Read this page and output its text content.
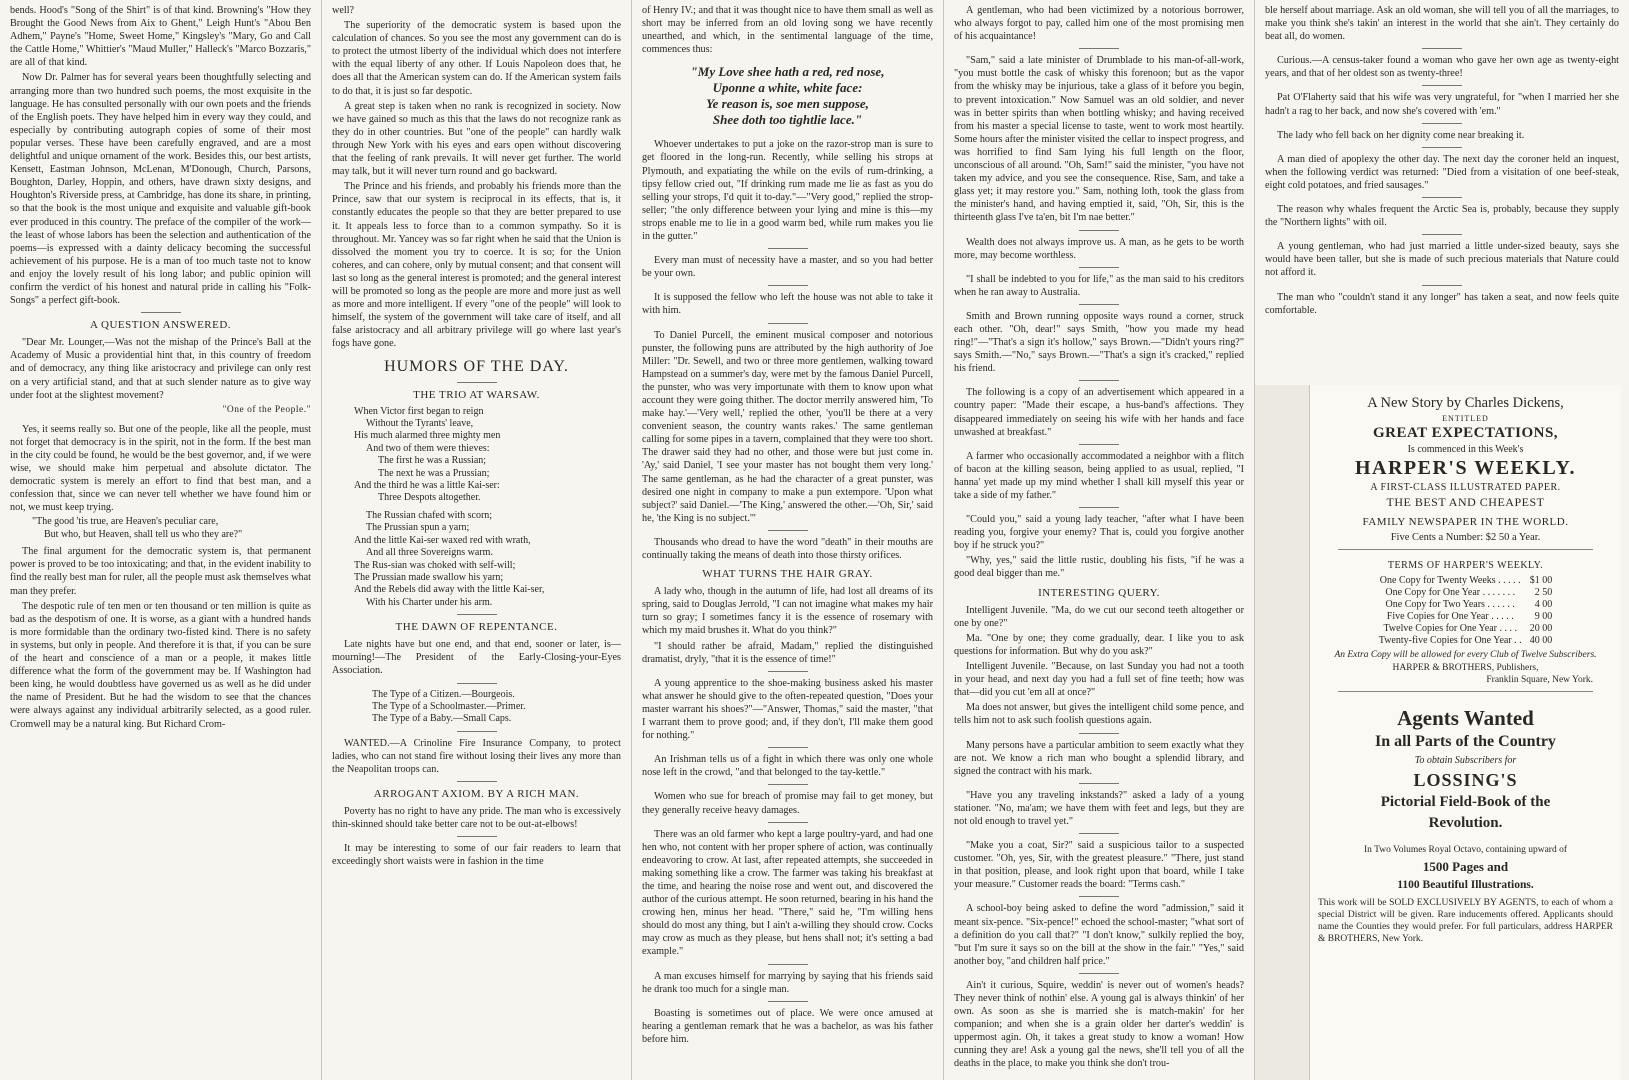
bends. Hood's "Song of the Shirt" is of that kind. Browning's "How they Brought the Good News from Aix to Ghent," Leigh Hunt's "Abou Ben Adhem," Payne's "Home, Sweet Home," Kingsley's "Mary, Go and Call the Cattle Home," Whittier's "Maud Muller," Halleck's "Marco Bozzaris," are all of that kind.

Now Dr. Palmer has for several years been thoughtfully selecting and arranging more than two hundred such poems, the most exquisite in the language. He has consulted personally with our own poets and the friends of the English poets. They have helped him in every way they could, and especially by contributing autograph copies of some of their most popular verses. These have been carefully engraved, and are a most delightful and unique ornament of the work. Besides this, our best artists, Kensett, Eastman Johnson, McLenan, M'Donough, Church, Parsons, Boughton, Darley, Hoppin, and others, have drawn sixty designs, and Houghton's Riverside press, at Cambridge, has done its share, in printing, so that the book is the most unique and exquisite and valuable gift-book ever produced in this country. The preface of the compiler of the work—the least of whose labors has been the selection and authentication of the poems—is expressed with a dainty delicacy becoming the successful achievement of his purpose. He is a man of too much taste not to know and enjoy the lovely result of his long labor; and public opinion will confirm the verdict of his honest and natural pride in calling his "Folk-Songs" a perfect gift-book.

A QUESTION ANSWERED.

"Dear Mr. Lounger,—Was not the mishap of the Prince's Ball at the Academy of Music a providential hint that, in this country of freedom and of democracy, any thing like aristocracy and privilege can only rest on a very artificial stand, and that at such slender nature as to give way under foot at the slightest movement?

"One of the People."

Yes, it seems really so. But one of the people, like all the people, must not forget that democracy is in the spirit, not in the form. If the best man in the city could be found, he would be the best governor, and, if we were wise, we should make him perpetual and absolute dictator. The democratic system is merely an effort to find that best man, and a confession that, since we can never tell whether we have found him or not, we must keep trying.

"The good 'tis true, are Heaven's peculiar care,
But who, but Heaven, shall tell us who they are?"

The final argument for the democratic system is, that permanent power is proved to be too intoxicating; and that, in the evident inability to find the really best man for ruler, all the people must ask themselves what man they prefer.

The despotic rule of ten men or ten thousand or ten million is quite as bad as the despotism of one. It is worse, as a giant with a hundred hands is more formidable than the ordinary two-fisted kind. There is no safety in systems, but only in people. And therefore it is that, if you can be sure of the heart and conscience of a man or a people, it makes little difference what the form of the government may be. If Washington had been king, he would doubtless have governed us as well as he did under the name of President. But he had the wisdom to see that the chances were always against any individual arbitrarily selected, as a good ruler. Cromwell may be a natural king. But Richard Crom-

well?

The superiority of the democratic system is based upon the calculation of chances. So you see the most any government can do is to protect the utmost liberty of the individual which does not interfere with the equal liberty of any other. If Louis Napoleon does that, he does all that the American system can do. If the American system fails to do that, it is just so far despotic.

A great step is taken when no rank is recognized in society. Now we have gained so much as this that the laws do not recognize rank as they do in other countries. But "one of the people" can hardly walk through New York with his eyes and ears open without discovering that the feeling of rank prevails. It will never get further. The world may talk, but it will never turn round and go backward.

The Prince and his friends, and probably his friends more than the Prince, saw that our system is reciprocal in its effects, that is, it constantly educates the people so that they are better prepared to use it. It appeals less to force than to a common sympathy. So it is throughout. Mr. Yancey was so far right when he said that the Union is dissolved the moment you try to coerce. It is so; for the Union coheres, and can cohere, only by mutual consent; and that consent will last so long as the general interest is promoted; and the general interest will be promoted so long as the people are more and more just as well as more and more intelligent. If every "one of the people" will look to himself, the system of the government will take care of itself, and all false aristocracy and all arbitrary privilege will go where last year's fogs have gone.

HUMORS OF THE DAY.
THE TRIO AT WARSAW.
When Victor first began to reign
Without the Tyrants' leave,
His much alarmed three mighty men
And two of them were thieves:
The first he was a Russian;
The next he was a Prussian;
And the third he was a little Kai-ser:
Three Despots altogether.
The Russian chafed with scorn;
The Prussian spun a yarn;
And the little Kai-ser waxed red with wrath,
And all three Sovereigns warm.
The Rus-sian was choked with self-will;
The Prussian made swallow his yarn;
And the Rebels did away with the little Kai-ser,
With his Charter under his arm.
THE DAWN OF REPENTANCE.

Late nights have but one end, and that end, sooner or later, is—mourning!—The President of the Early-Closing-your-Eyes Association.

The Type of a Citizen.—Bourgeois.
The Type of a Schoolmaster.—Primer.
The Type of a Baby.—Small Caps.

WANTED.—A Crinoline Fire Insurance Company, to protect ladies, who can not stand fire without losing their lives any more than the Neapolitan troops can.

ARROGANT AXIOM. BY A RICH MAN.

Poverty has no right to have any pride. The man who is excessively thin-skinned should take better care not to be out-at-elbows!

It may be interesting to some of our fair readers to learn that exceedingly short waists were in fashion in the time

of Henry IV.; and that it was thought nice to have them small as well as short may be inferred from an old loving song we have recently unearthed, and which, in the sentimental language of the time, commences thus:

"My Love shee hath a red, red nose,
Uponne a white, white face:
Ye reason is, soe men suppose,
Shee doth too tightlie lace."

Whoever undertakes to put a joke on the razor-strop man is sure to get floored in the long-run. Recently, while selling his strops at Plymouth, and expatiating the while on the evils of rum-drinking, a tipsy fellow cried out, "If drinking rum made me lie as fast as you do selling your strops, I'd quit it to-day."—"Very good," replied the strop-seller; "the only difference between your lying and mine is this—my strops enable me to lie in a good warm bed, while rum makes you lie in the gutter."

Every man must of necessity have a master, and so you had better be your own.

It is supposed the fellow who left the house was not able to take it with him.

To Daniel Purcell, the eminent musical composer and notorious punster, the following puns are attributed by the high authority of Joe Miller: "Dr. Sewell, and two or three more gentlemen, walking toward Hampstead on a summer's day, were met by the famous Daniel Purcell, the punster, who was very importunate with them to know upon what account they were going thither. The doctor merrily answered him, 'To make hay.'—'Very well,' replied the other, 'you'll be there at a very convenient season, the country wants rakes.' The same gentleman calling for some pipes in a tavern, complained that they were too short. The drawer said they had no other, and those were but just come in. 'Ay,' said Daniel, 'I see your master has not bought them very long.' The same gentleman, as he had the character of a great punster, was desired one night in company to make a pun extempore. 'Upon what subject?' said Daniel.—'The King,' answered the other.—'Oh, Sir,' said he, 'the King is no subject.'"

Thousands who dread to have the word "death" in their mouths are continually taking the means of death into those thirsty orifices.

WHAT TURNS THE HAIR GRAY.

A lady who, though in the autumn of life, had lost all dreams of its spring, said to Douglas Jerrold, "I can not imagine what makes my hair turn so gray; I sometimes fancy it is the essence of rosemary with which my maid brushes it. What do you think?"

"I should rather be afraid, Madam," replied the distinguished dramatist, dryly, "that it is the essence of time!"

A young apprentice to the shoe-making business asked his master what answer he should give to the often-repeated question, "Does your master warrant his shoes?"—"Answer, Thomas," said the master, "that I warrant them to prove good; and, if they don't, I'll make them good for nothing."

An Irishman tells us of a fight in which there was only one whole nose left in the crowd, "and that belonged to the tay-kettle."

Women who sue for breach of promise may fail to get money, but they generally receive heavy damages.

There was an old farmer who kept a large poultry-yard, and had one hen who, not content with her proper sphere of action, was continually endeavoring to crow. At last, after repeated attempts, she succeeded in making something like a crow. The farmer was taking his breakfast at the time, and hearing the noise rose and went out, and discovered the author of the curious attempt. He soon returned, bearing in his hand the crowing hen, minus her head. "There," said he, "I'm willing hens should do most any thing, but I ain't a-willing they should crow. Cocks may crow as much as they please, but hens shall not; it's setting a bad example."

A man excuses himself for marrying by saying that his friends said he drank too much for a single man.

Boasting is sometimes out of place. We were once amused at hearing a gentleman remark that he was a bachelor, as was his father before him.

A gentleman, who had been victimized by a notorious borrower, who always forgot to pay, called him one of the most promising men of his acquaintance!

"Sam," said a late minister of Drumblade to his man-of-all-work, "you must bottle the cask of whisky this forenoon; but as the vapor from the whisky may be injurious, take a glass of it before you begin, to prevent intoxication." Now Samuel was an old soldier, and never was in better spirits than when bottling whisky; and having received from his master a special license to taste, went to work most heartily. Some hours after the minister visited the cellar to inspect progress, and was horrified to find Sam lying his full length on the floor, unconscious of all around. "Oh, Sam!" said the minister, "you have not taken my advice, and you see the consequence. Rise, Sam, and take a glass yet; it may restore you." Sam, nothing loth, took the glass from the minister's hand, and having emptied it, said, "Oh, Sir, this is the thirteenth glass I've ta'en, bit I'm nae better."

Wealth does not always improve us. A man, as he gets to be worth more, may become worthless.

"I shall be indebted to you for life," as the man said to his creditors when he ran away to Australia.

Smith and Brown running opposite ways round a corner, struck each other. "Oh, dear!" says Smith, "how you made my head ring!"—"That's a sign it's hollow," says Brown.—"Didn't yours ring?" says Smith.—"No," says Brown.—"That's a sign it's cracked," replied his friend.

The following is a copy of an advertisement which appeared in a country paper: "Made their escape, a hus-band's affections. They disappeared immediately on seeing his wife with her hands and face unwashed at breakfast."

A farmer who occasionally accommodated a neighbor with a flitch of bacon at the killing season, being applied to as usual, replied, "I hanna' yet made up my mind whether I shall kill myself this year or take a side of my father."

"Could you," said a young lady teacher, "after what I have been reading you, forgive your enemy? That is, could you forgive another boy if he struck you?"

"Why, yes," said the little rustic, doubling his fists, "if he was a good deal bigger than me."

INTERESTING QUERY.

Intelligent Juvenile. "Ma, do we cut our second teeth altogether or one by one?"

Ma. "One by one; they come gradually, dear. I like you to ask questions for information. But why do you ask?"

Intelligent Juvenile. "Because, on last Sunday you had not a tooth in your head, and next day you had a full set of fine teeth; how was that—did you cut 'em all at once?"

Ma does not answer, but gives the intelligent child some pence, and tells him not to ask such foolish questions again.

Many persons have a particular ambition to seem exactly what they are not. We know a rich man who bought a splendid library, and signed the contract with his mark.

"Have you any traveling inkstands?" asked a lady of a young stationer. "No, ma'am; we have them with feet and legs, but they are not old enough to travel yet."

"Make you a coat, Sir?" said a suspicious tailor to a suspected customer. "Oh, yes, Sir, with the greatest pleasure." "There, just stand in that position, please, and look right upon that board, while I take your measure." Customer reads the board: "Terms cash."

A school-boy being asked to define the word "admission," said it meant six-pence. "Six-pence!" echoed the school-master; "what sort of a definition do you call that?" "I don't know," sulkily replied the boy, "but I'm sure it says so on the bill at the show in the fair." "Yes," said another boy, "and children half price."

Ain't it curious, Squire, weddin' is never out of women's heads? They never think of nothin' else. A young gal is always thinkin' of her own. As soon as she is married she is match-makin' for her companion; and when she is a grain older her darter's weddin' is uppermost agin. Oh, it takes a great study to know a woman! How cunning they are! Ask a young gal the news, she'll tell you of all the deaths in the place, to make you think she don't trou-

ble herself about marriage. Ask an old woman, she will tell you of all the marriages, to make you think she's takin' an interest in the world that she ain't. They certainly do beat all, do women.

Curious.—A census-taker found a woman who gave her own age as twenty-eight years, and that of her oldest son as twenty-three!

Pat O'Flaherty said that his wife was very ungrateful, for "when I married her she hadn't a rag to her back, and now she's covered with 'em."

The lady who fell back on her dignity come near breaking it.

A man died of apoplexy the other day. The next day the coroner held an inquest, when the following verdict was returned: "Died from a visitation of one beef-steak, eight cold potatoes, and fried sausages."

The reason why whales frequent the Arctic Sea is, probably, because they supply the "Northern lights" with oil.

A young gentleman, who had just married a little under-sized beauty, says she would have been taller, but she is made of such precious materials that Nature could not afford it.

The man who "couldn't stand it any longer" has taken a seat, and now feels quite comfortable.

A New Story by Charles Dickens,
ENTITLED
GREAT EXPECTATIONS,
Is commenced in this Week's
HARPER'S WEEKLY.
A FIRST-CLASS ILLUSTRATED PAPER.
THE BEST AND CHEAPEST
FAMILY NEWSPAPER IN THE WORLD.
Five Cents a Number: $2 50 a Year.
TERMS OF HARPER'S WEEKLY.
One Copy for Twenty Weeks . . . . .	$1 00
One Copy for One Year . . . . . . .	2 50
One Copy for Two Years . . . . . .	4 00
Five Copies for One Year . . . . .	9 00
Twelve Copies for One Year . . . .	20 00
Twenty-five Copies for One Year . .	40 00
An Extra Copy will be allowed for every Club of Twelve Subscribers.
HARPER & BROTHERS, Publishers,
Franklin Square, New York.
Agents Wanted
In all Parts of the Country
To obtain Subscribers for
LOSSING'S
Pictorial Field-Book of the
Revolution.
In Two Volumes Royal Octavo, containing upward of
1500 Pages and
1100 Beautiful Illustrations.
This work will be SOLD EXCLUSIVELY BY AGENTS, to each of whom a special District will be given. Rare inducements offered. Applicants should name the Counties they would prefer. For full particulars, address HARPER & BROTHERS, New York.
